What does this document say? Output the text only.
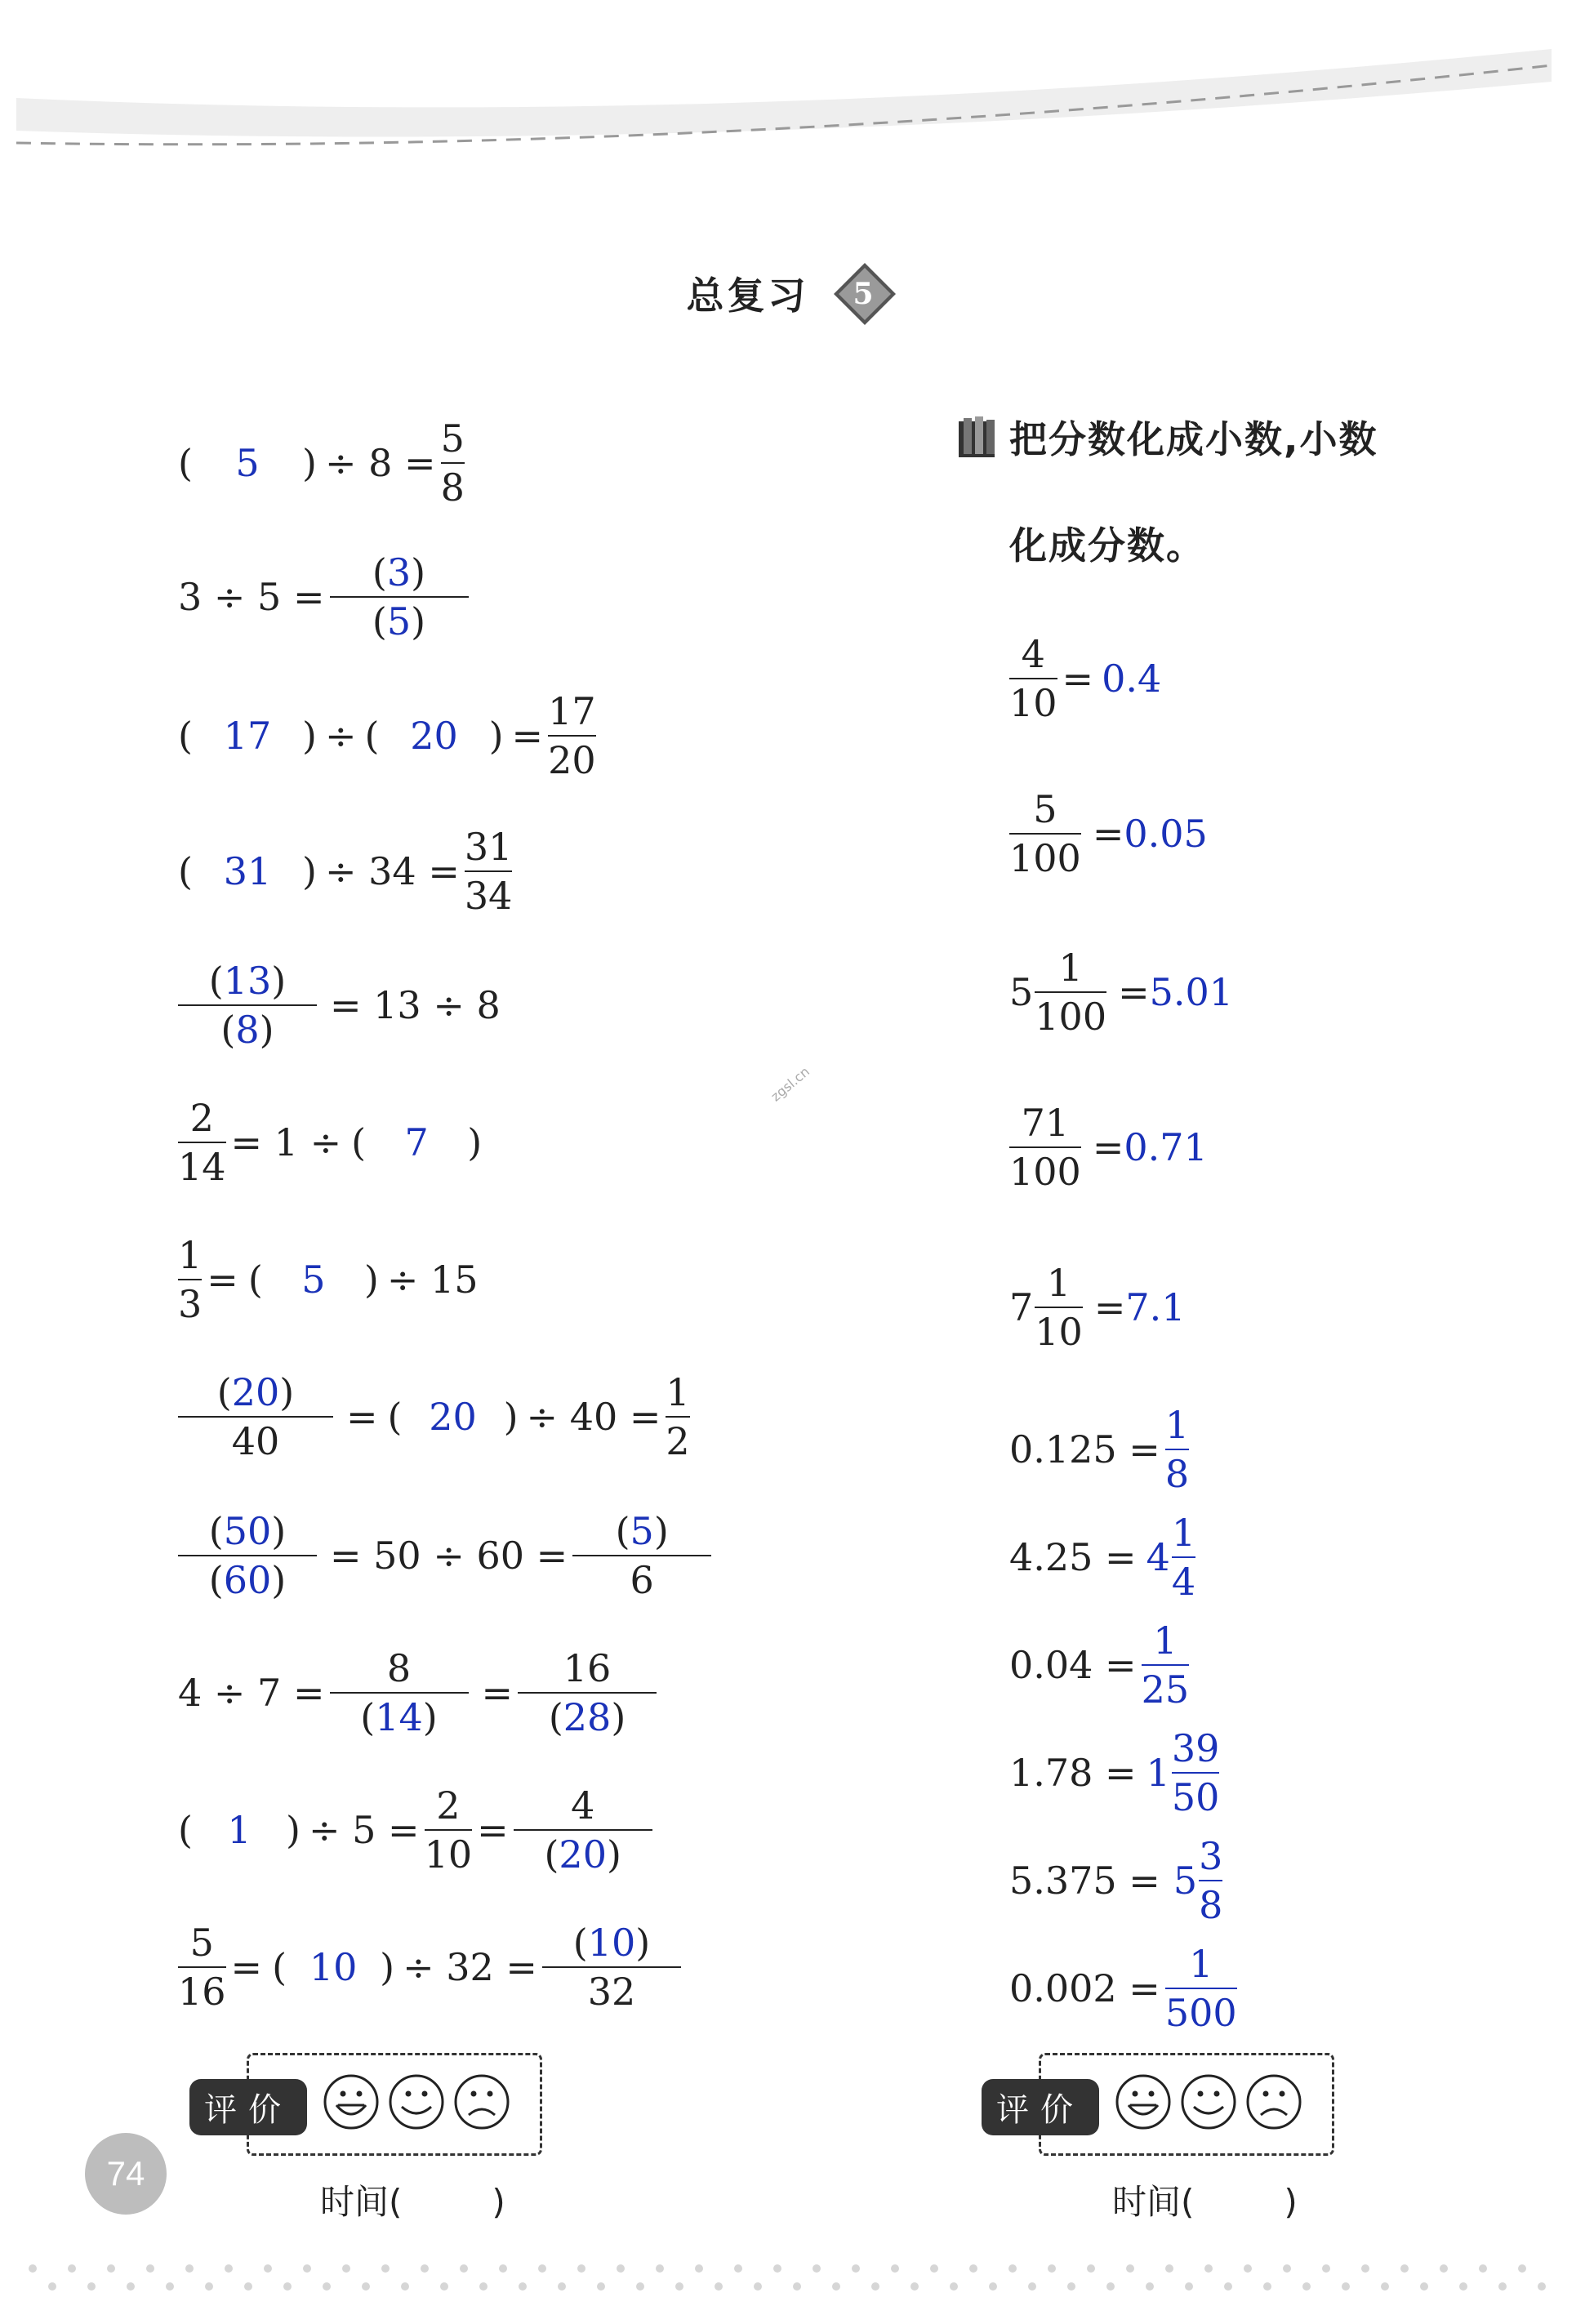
总复习 5
( 5 ) ÷ $8 = \frac{5}{8}$
$3 \div 5 = \frac{(3)}{(5)}$
( 17 ) ÷ ( 20 ) = $\frac{17}{20}$
( 31 ) ÷ $34 = \frac{31}{34}$
$\frac{(13)}{(8)} = 13 \div 8$
$\frac{2}{14} = 1$ ÷ ( 7 )
$\frac{1}{3}$ = ( 5 ) ÷ 15
$\frac{(20)}{40}$ = ( 20 ) ÷ $40 = \frac{1}{2}$
$\frac{(50)}{(60)} = 50 \div 60 = \frac{(5)}{6}$
$4 \div 7 = \frac{8}{(14)} = \frac{16}{(28)}$
( 1 ) ÷ $5 = \frac{2}{10} = \frac{4}{(20)}$
$\frac{5}{16}$ = ( 10 ) ÷ $32 = \frac{(10)}{32}$
把分数化成小数,小数
化成分数。
$\frac{4}{10} = 0.4$
$\frac{5}{100} = 0.05$
$5 \frac{1}{100} = 5.01$
$\frac{71}{100} = 0.71$
$7 \frac{1}{10} = 7.1$
$0.125 = \frac{1}{8}$
$4.25 = 4 \frac{1}{4}$
$0.04 = \frac{1}{25}$
$1.78 = 1 \frac{39}{50}$
$5.375 = 5 \frac{3}{8}$
$0.002 = \frac{1}{500}$
zgsl.cn
评价
时间(	)
评价
时间(	)
74
